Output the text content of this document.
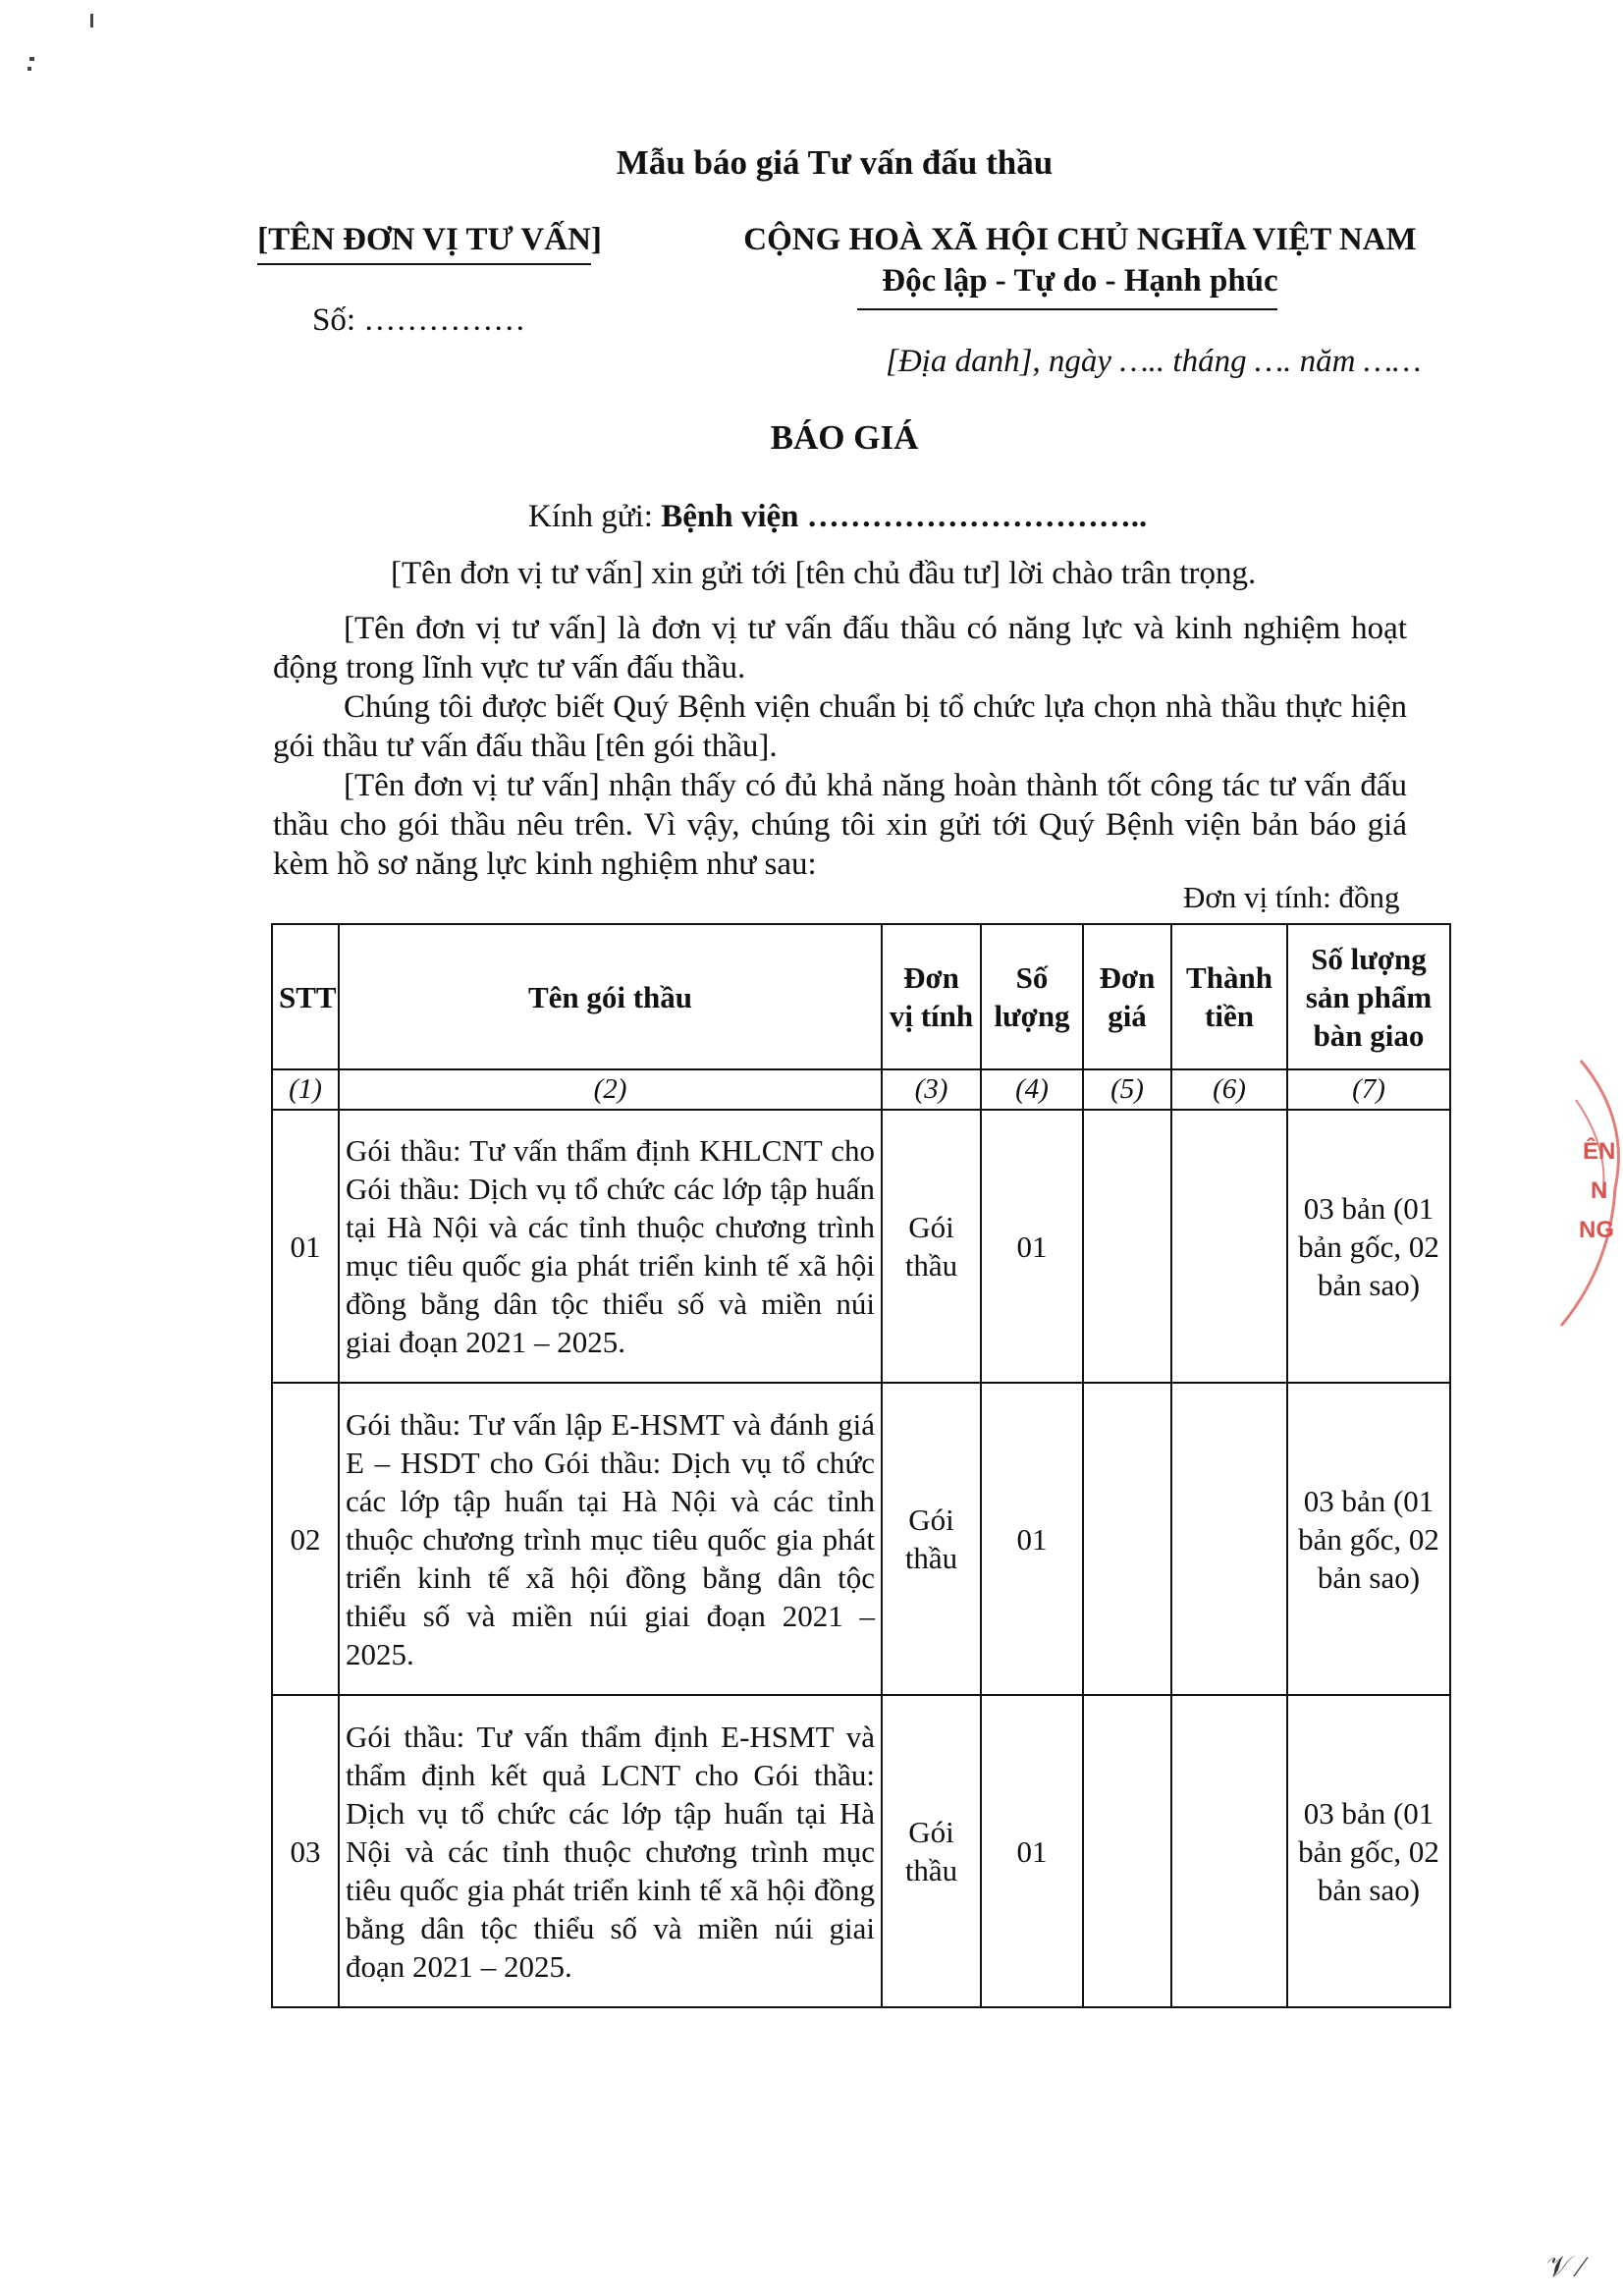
Mẫu báo giá Tư vấn đấu thầu
[TÊN ĐƠN VỊ TƯ VẤN]
Số: ……………
CỘNG HOÀ XÃ HỘI CHỦ NGHĨA VIỆT NAM
Độc lập - Tự do - Hạnh phúc
[Địa danh], ngày ….. tháng …. năm ……
BÁO GIÁ
Kính gửi: Bệnh viện …………………………..
[Tên đơn vị tư vấn] xin gửi tới [tên chủ đầu tư] lời chào trân trọng.
[Tên đơn vị tư vấn] là đơn vị tư vấn đấu thầu có năng lực và kinh nghiệm hoạt động trong lĩnh vực tư vấn đấu thầu.
Chúng tôi được biết Quý Bệnh viện chuẩn bị tổ chức lựa chọn nhà thầu thực hiện gói thầu tư vấn đấu thầu [tên gói thầu].
[Tên đơn vị tư vấn] nhận thấy có đủ khả năng hoàn thành tốt công tác tư vấn đấu thầu cho gói thầu nêu trên. Vì vậy, chúng tôi xin gửi tới Quý Bệnh viện bản báo giá kèm hồ sơ năng lực kinh nghiệm như sau:
Đơn vị tính: đồng
STT	Tên gói thầu	Đơn vị tính	Số lượng	Đơn giá	Thành tiền	Số lượng sản phẩm bàn giao
(1)	(2)	(3)	(4)	(5)	(6)	(7)
01	Gói thầu: Tư vấn thẩm định KHLCNT cho Gói thầu: Dịch vụ tổ chức các lớp tập huấn tại Hà Nội và các tỉnh thuộc chương trình mục tiêu quốc gia phát triển kinh tế xã hội đồng bằng dân tộc thiểu số và miền núi giai đoạn 2021 – 2025.	Gói thầu	01			03 bản (01 bản gốc, 02 bản sao)
02	Gói thầu: Tư vấn lập E-HSMT và đánh giá E – HSDT cho Gói thầu: Dịch vụ tổ chức các lớp tập huấn tại Hà Nội và các tỉnh thuộc chương trình mục tiêu quốc gia phát triển kinh tế xã hội đồng bằng dân tộc thiểu số và miền núi giai đoạn 2021 – 2025.	Gói thầu	01			03 bản (01 bản gốc, 02 bản sao)
03	Gói thầu: Tư vấn thẩm định E-HSMT và thẩm định kết quả LCNT cho Gói thầu: Dịch vụ tổ chức các lớp tập huấn tại Hà Nội và các tỉnh thuộc chương trình mục tiêu quốc gia phát triển kinh tế xã hội đồng bằng dân tộc thiểu số và miền núi giai đoạn 2021 – 2025.	Gói thầu	01			03 bản (01 bản gốc, 02 bản sao)
ÊN
N
NG
𝒱 ⁄
